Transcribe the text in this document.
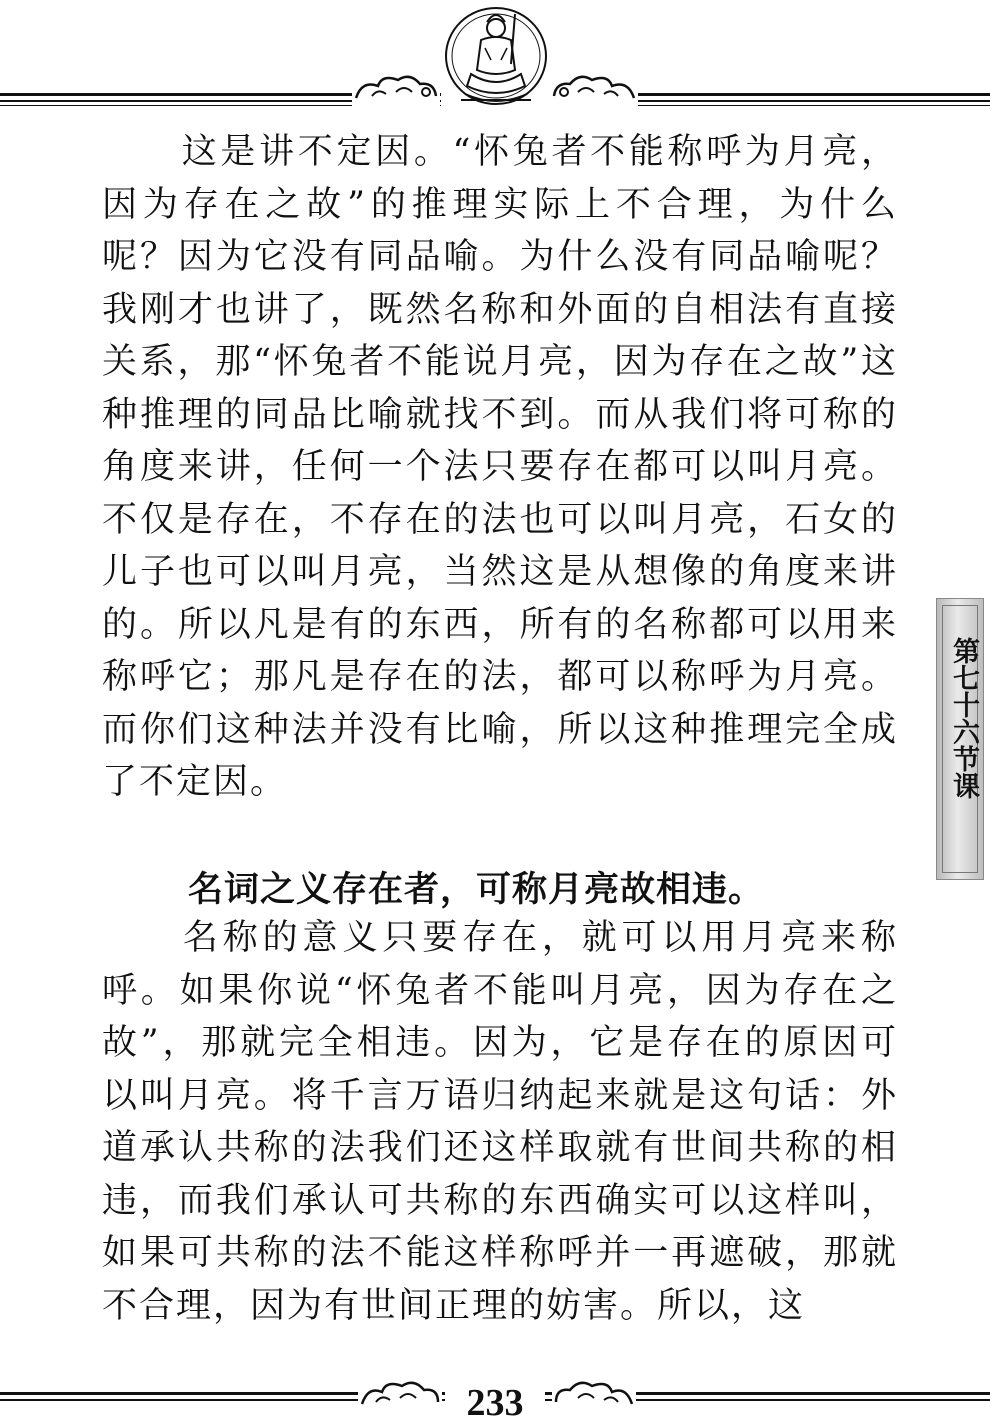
这是讲不定因。“怀兔者不能称呼为月亮，因为存在之故”的推理实际上不合理，为什么呢？因为它没有同品喻。为什么没有同品喻呢？我刚才也讲了，既然名称和外面的自相法有直接关系，那“怀兔者不能说月亮，因为存在之故”这种推理的同品比喻就找不到。而从我们将可称的角度来讲，任何一个法只要存在都可以叫月亮。不仅是存在，不存在的法也可以叫月亮，石女的儿子也可以叫月亮，当然这是从想像的角度来讲的。所以凡是有的东西，所有的名称都可以用来称呼它；那凡是存在的法，都可以称呼为月亮。而你们这种法并没有比喻，所以这种推理完全成了不定因。

名词之义存在者，可称月亮故相违。

名称的意义只要存在，就可以用月亮来称呼。如果你说“怀兔者不能叫月亮，因为存在之故”，那就完全相违。因为，它是存在的原因可以叫月亮。将千言万语归纳起来就是这句话：外道承认共称的法我们还这样取就有世间共称的相违，而我们承认可共称的东西确实可以这样叫，如果可共称的法不能这样称呼并一再遮破，那就不合理，因为有世间正理的妨害。所以，这

第七十六节课
233
